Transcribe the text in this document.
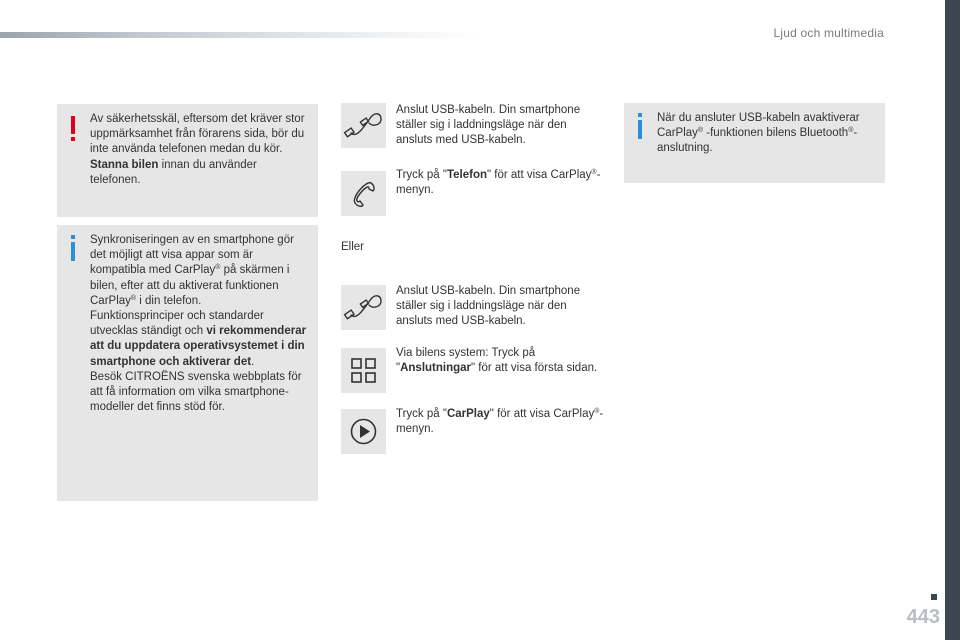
Ljud och multimedia

Av säkerhetsskäl, eftersom det kräver stor uppmärksamhet från förarens sida, bör du inte använda telefonen medan du kör.
Stanna bilen innan du använder telefonen.

Synkroniseringen av en smartphone gör det möjligt att visa appar som är kompatibla med CarPlay® på skärmen i bilen, efter att du aktiverat funktionen CarPlay® i din telefon.

Funktionsprinciper och standarder utvecklas ständigt och vi rekommenderar att du uppdatera operativsystemet i din smartphone och aktiverar det.

Besök CITROËNS svenska webbplats för att få information om vilka smartphone-modeller det finns stöd för.

Anslut USB-kabeln. Din smartphone ställer sig i laddningsläge när den ansluts med USB-kabeln.

Tryck på "Telefon" för att visa CarPlay®-menyn.

Eller
Anslut USB-kabeln. Din smartphone ställer sig i laddningsläge när den ansluts med USB-kabeln.

Via bilens system: Tryck på "Anslutningar" för att visa första sidan.

Tryck på "CarPlay" för att visa CarPlay®-menyn.

När du ansluter USB-kabeln avaktiverar CarPlay® -funktionen bilens Bluetooth®-anslutning.

443
